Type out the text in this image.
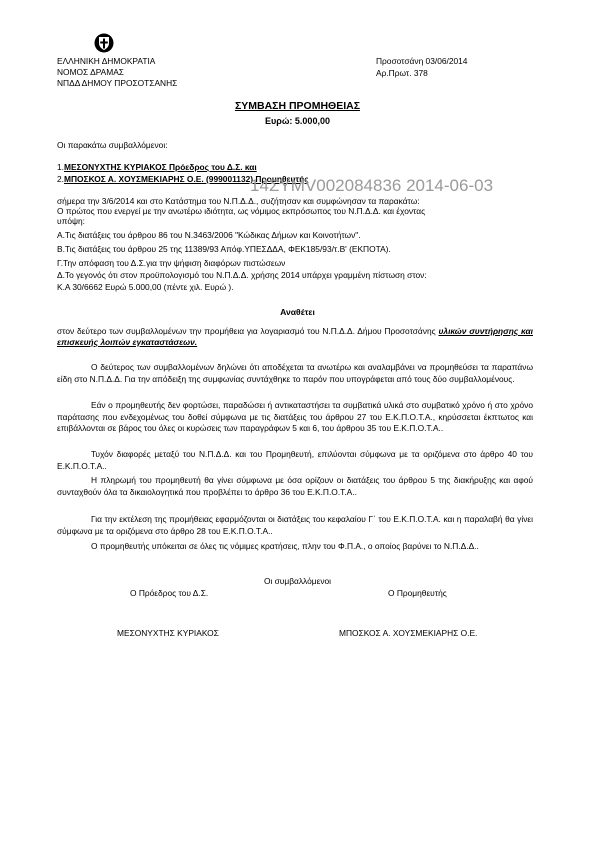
ΕΛΛΗΝΙΚΗ ΔΗΜΟΚΡΑΤΙΑ
ΝΟΜΟΣ ΔΡΑΜΑΣ
ΝΠΔΔ ΔΗΜΟΥ ΠΡΟΣΟΤΣΑΝΗΣ
Προσοτσάνη 03/06/2014
Αρ.Πρωτ. 378
ΣΥΜΒΑΣΗ ΠΡΟΜΗΘΕΙΑΣ
Ευρώ: 5.000,00
Οι παρακάτω συμβαλλόμενοι:
1.ΜΕΣΟΝΥΧΤΗΣ ΚΥΡΙΑΚΟΣ Πρόεδρος του Δ.Σ. και
2.ΜΠΟΣΚΟΣ Α. ΧΟΥΣΜΕΚΙΑΡΗΣ Ο.Ε. (999001132) Προμηθευτής
14ΣΥΜV002084836 2014-06-03
σήμερα την 3/6/2014 και στο Κατάστημα του Ν.Π.Δ.Δ., συζήτησαν και συμφώνησαν τα παρακάτω:
Ο πρώτος που ενεργεί με την ανωτέρω ιδιότητα, ως νόμιμος εκπρόσωπος του Ν.Π.Δ.Δ. και έχοντας
υπόψη:
Α.Τις διατάξεις του άρθρου 86 του Ν.3463/2006 "Κώδικας Δήμων και Κοινοτήτων".
Β.Τις διατάξεις του άρθρου 25 της 11389/93 Απόφ.ΥΠΕΣΔΔΑ, ΦΕΚ185/93/τ.Β' (ΕΚΠΟΤΑ).
Γ.Την απόφαση του Δ.Σ.για την ψήφιση διαφόρων πιστώσεων
Δ.Το γεγονός ότι στον προϋπολογισμό του Ν.Π.Δ.Δ. χρήσης 2014 υπάρχει γραμμένη πίστωση στον:
Κ.Α 30/6662 Ευρώ 5.000,00 (πέντε χιλ. Ευρώ ).
Αναθέτει
στον δεύτερο των συμβαλλομένων την προμήθεια για λογαριασμό του Ν.Π.Δ.Δ. Δήμου Προσοτσάνης υλικών συντήρησης και επισκευής λοιπών εγκαταστάσεων.
Ο δεύτερος των συμβαλλομένων δηλώνει ότι αποδέχεται τα ανωτέρω και αναλαμβάνει να προμηθεύσει τα παραπάνω είδη στο Ν.Π.Δ.Δ. Για την απόδειξη της συμφωνίας συντάχθηκε το παρόν που υπογράφεται από τους δύο συμβαλλομένους.
Εάν ο προμηθευτής δεν φορτώσει, παραδώσει ή αντικαταστήσει τα συμβατικά υλικά στο συμβατικό χρόνο ή στο χρόνο παράτασης που ενδεχομένως του δοθεί σύμφωνα με τις διατάξεις του άρθρου 27 του Ε.Κ.Π.Ο.Τ.Α., κηρύσσεται έκπτωτος και επιβάλλονται σε βάρος του όλες οι κυρώσεις των παραγράφων 5 και 6, του άρθρου 35 του Ε.Κ.Π.Ο.Τ.Α..
Τυχόν διαφορές μεταξύ του Ν.Π.Δ.Δ. και του Προμηθευτή, επιλύονται σύμφωνα με τα οριζόμενα στο άρθρο 40 του Ε.Κ.Π.Ο.Τ.Α..
Η πληρωμή του προμηθευτή θα γίνει σύμφωνα με όσα ορίζουν οι διατάξεις του άρθρου 5 της διακήρυξης και αφού συνταχθούν όλα τα δικαιολογητικά που προβλέπει το άρθρο 36 του Ε.Κ.Π.Ο.Τ.Α..
Για την εκτέλεση της προμήθειας εφαρμόζονται οι διατάξεις του κεφαλαίου Γ΄ του Ε.Κ.Π.Ο.Τ.Α. και η παραλαβή θα γίνει σύμφωνα με τα οριζόμενα στο άρθρο 28 του Ε.Κ.Π.Ο.Τ.Α..
Ο προμηθευτής υπόκειται σε όλες τις νόμιμες κρατήσεις, πλην του Φ.Π.Α., ο οποίος βαρύνει το Ν.Π.Δ.Δ..
Οι συμβαλλόμενοι
Ο Πρόεδρος του Δ.Σ.	Ο Προμηθευτής
ΜΕΣΟΝΥΧΤΗΣ ΚΥΡΙΑΚΟΣ	ΜΠΟΣΚΟΣ Α. ΧΟΥΣΜΕΚΙΑΡΗΣ Ο.Ε.
